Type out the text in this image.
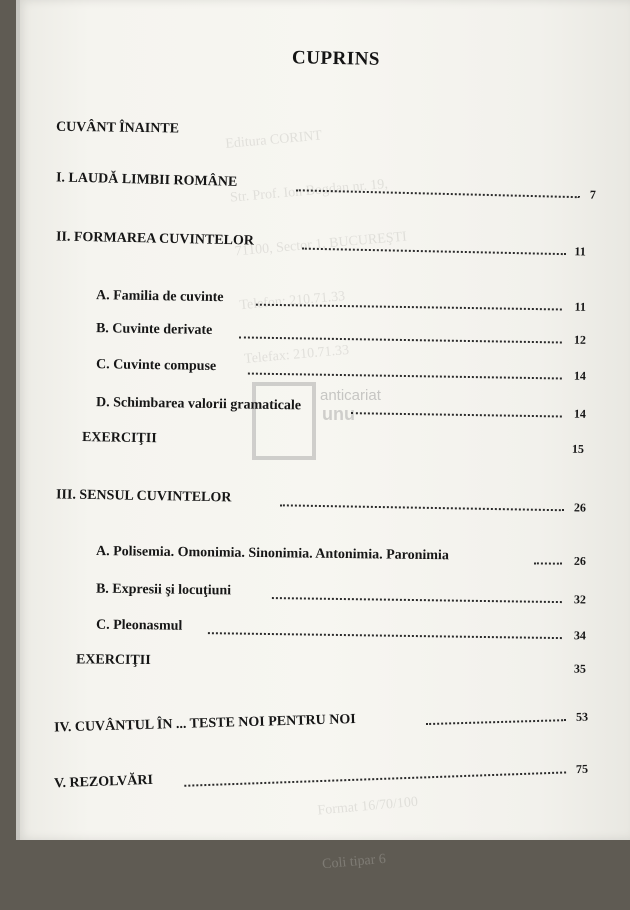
Editura CORINT

Str. Prof. Ion Bogdan nr. 19,

71100, Sector 1, BUCUREŞTI

Telefon: 210.71.33

Telefax: 210.71.33

Format 16/70/100

Coli tipar 6

anticariat
unu
CUPRINS
CUVÂNT ÎNAINTE
I. LAUDĂ LIMBII ROMÂNE
7
II. FORMAREA CUVINTELOR
11
A. Familia de cuvinte
11
B. Cuvinte derivate
12
C. Cuvinte compuse
14
D. Schimbarea valorii gramaticale
14
EXERCIŢII
15
III. SENSUL CUVINTELOR
26
A. Polisemia. Omonimia. Sinonimia. Antonimia. Paronimia	26
B. Expresii şi locuţiuni
32
C. Pleonasmul
34
EXERCIŢII
35
IV. CUVÂNTUL ÎN ... TESTE NOI PENTRU NOI	53
V. REZOLVĂRI
75
